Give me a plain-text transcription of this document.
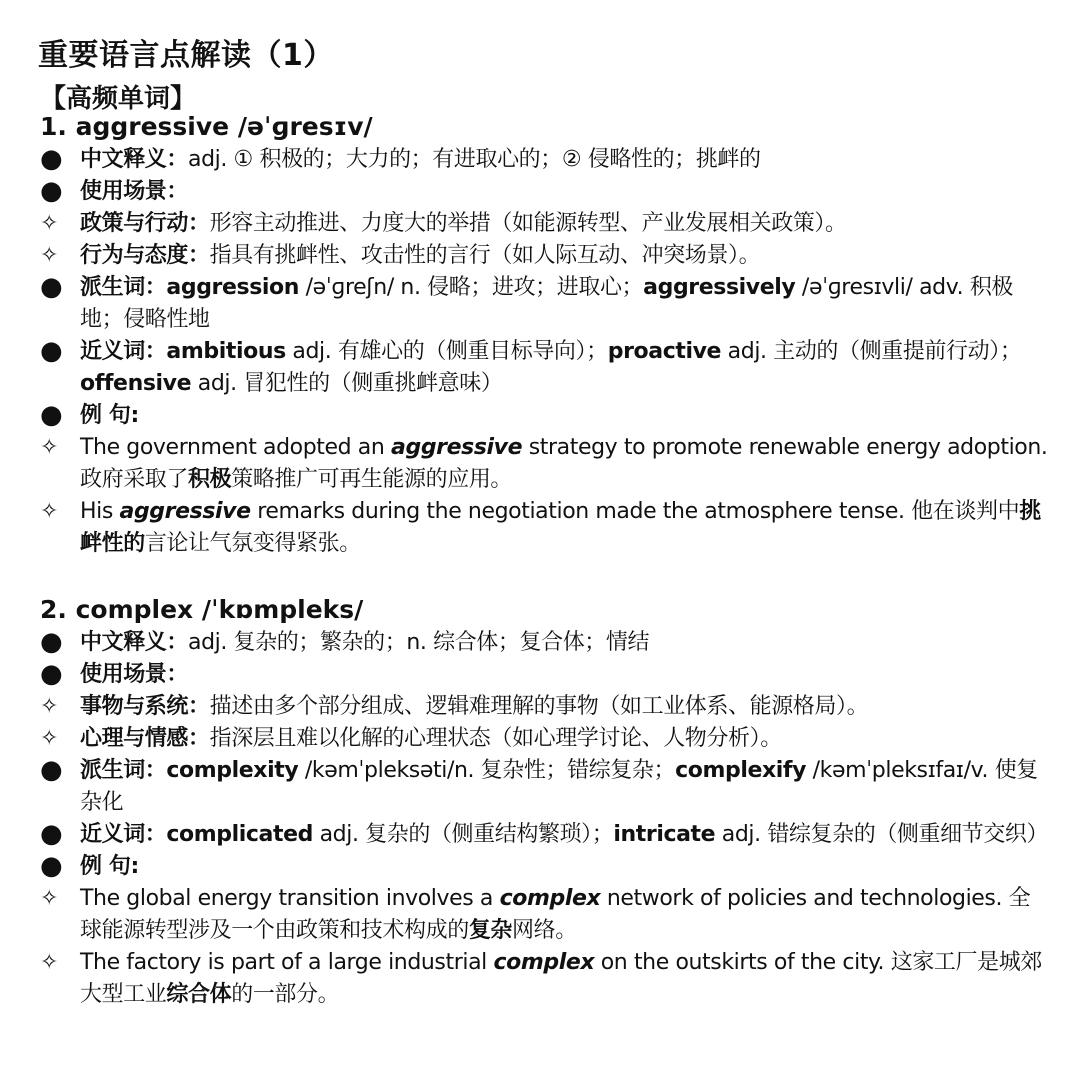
重要语言点解读（1）
【高频单词】
1. aggressive /əˈɡresɪv/
● 中文释义：adj. ① 积极的；大力的；有进取心的；② 侵略性的；挑衅的
● 使用场景：
✧ 政策与行动：形容主动推进、力度大的举措（如能源转型、产业发展相关政策）。
✧ 行为与态度：指具有挑衅性、攻击性的言行（如人际互动、冲突场景）。
● 派生词：aggression /əˈɡreʃn/ n. 侵略；进攻；进取心；aggressively /əˈɡresɪvli/ adv. 积极地；侵略性地
● 近义词：ambitious adj. 有雄心的（侧重目标导向）；proactive adj. 主动的（侧重提前行动）；offensive adj. 冒犯性的（侧重挑衅意味）
● 例 句:
✧ The government adopted an aggressive strategy to promote renewable energy adoption. 政府采取了积极策略推广可再生能源的应用。
✧ His aggressive remarks during the negotiation made the atmosphere tense. 他在谈判中挑衅性的言论让气氛变得紧张。
2. complex /ˈkɒmpleks/
● 中文释义：adj. 复杂的；繁杂的；n. 综合体；复合体；情结
● 使用场景：
✧ 事物与系统：描述由多个部分组成、逻辑难理解的事物（如工业体系、能源格局）。
✧ 心理与情感：指深层且难以化解的心理状态（如心理学讨论、人物分析）。
● 派生词：complexity /kəmˈpleksəti/n. 复杂性；错综复杂；complexify /kəmˈpleksɪfaɪ/v. 使复杂化
● 近义词：complicated adj. 复杂的（侧重结构繁琐）；intricate adj. 错综复杂的（侧重细节交织）
● 例 句:
✧ The global energy transition involves a complex network of policies and technologies. 全球能源转型涉及一个由政策和技术构成的复杂网络。
✧ The factory is part of a large industrial complex on the outskirts of the city. 这家工厂是城郊大型工业综合体的一部分。
